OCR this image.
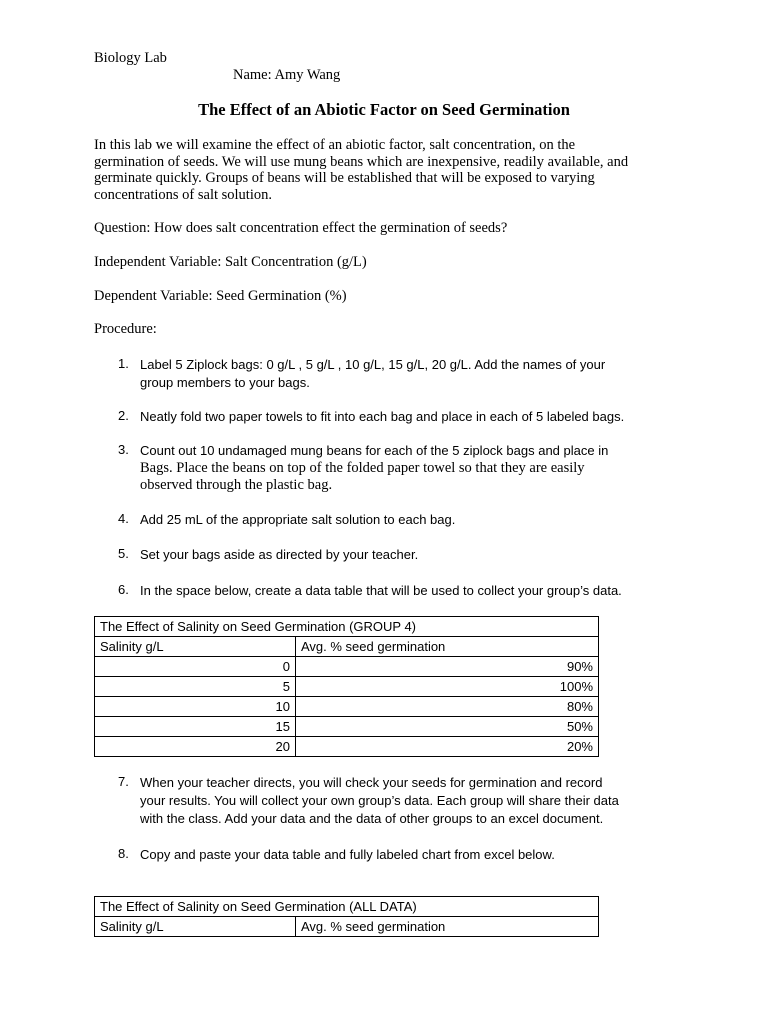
Biology Lab
Name: Amy Wang
The Effect of an Abiotic Factor on Seed Germination
In this lab we will examine the effect of an abiotic factor, salt concentration, on the
germination of seeds. We will use mung beans which are inexpensive, readily available, and
germinate quickly. Groups of beans will be established that will be exposed to varying
concentrations of salt solution.
Question: How does salt concentration effect the germination of seeds?
Independent Variable: Salt Concentration (g/L)
Dependent Variable: Seed Germination (%)
Procedure:
1. Label 5 Ziplock bags: 0 g/L , 5 g/L , 10 g/L, 15 g/L, 20 g/L. Add the names of your
group members to your bags.
2. Neatly fold two paper towels to fit into each bag and place in each of 5 labeled bags.
3. Count out 10 undamaged mung beans for each of the 5 ziplock bags and place in
Bags. Place the beans on top of the folded paper towel so that they are easily
observed through the plastic bag.
4. Add 25 mL of the appropriate salt solution to each bag.
5. Set your bags aside as directed by your teacher.
6. In the space below, create a data table that will be used to collect your group’s data.
The Effect of Salinity on Seed Germination (GROUP 4)	
Salinity g/L	Avg. % seed germination
0	90%
5	100%
10	80%
15	50%
20	20%
7. When your teacher directs, you will check your seeds for germination and record
your results. You will collect your own group’s data. Each group will share their data
with the class. Add your data and the data of other groups to an excel document.
8. Copy and paste your data table and fully labeled chart from excel below.
The Effect of Salinity on Seed Germination (ALL DATA)
Salinity g/L	Avg. % seed germination
